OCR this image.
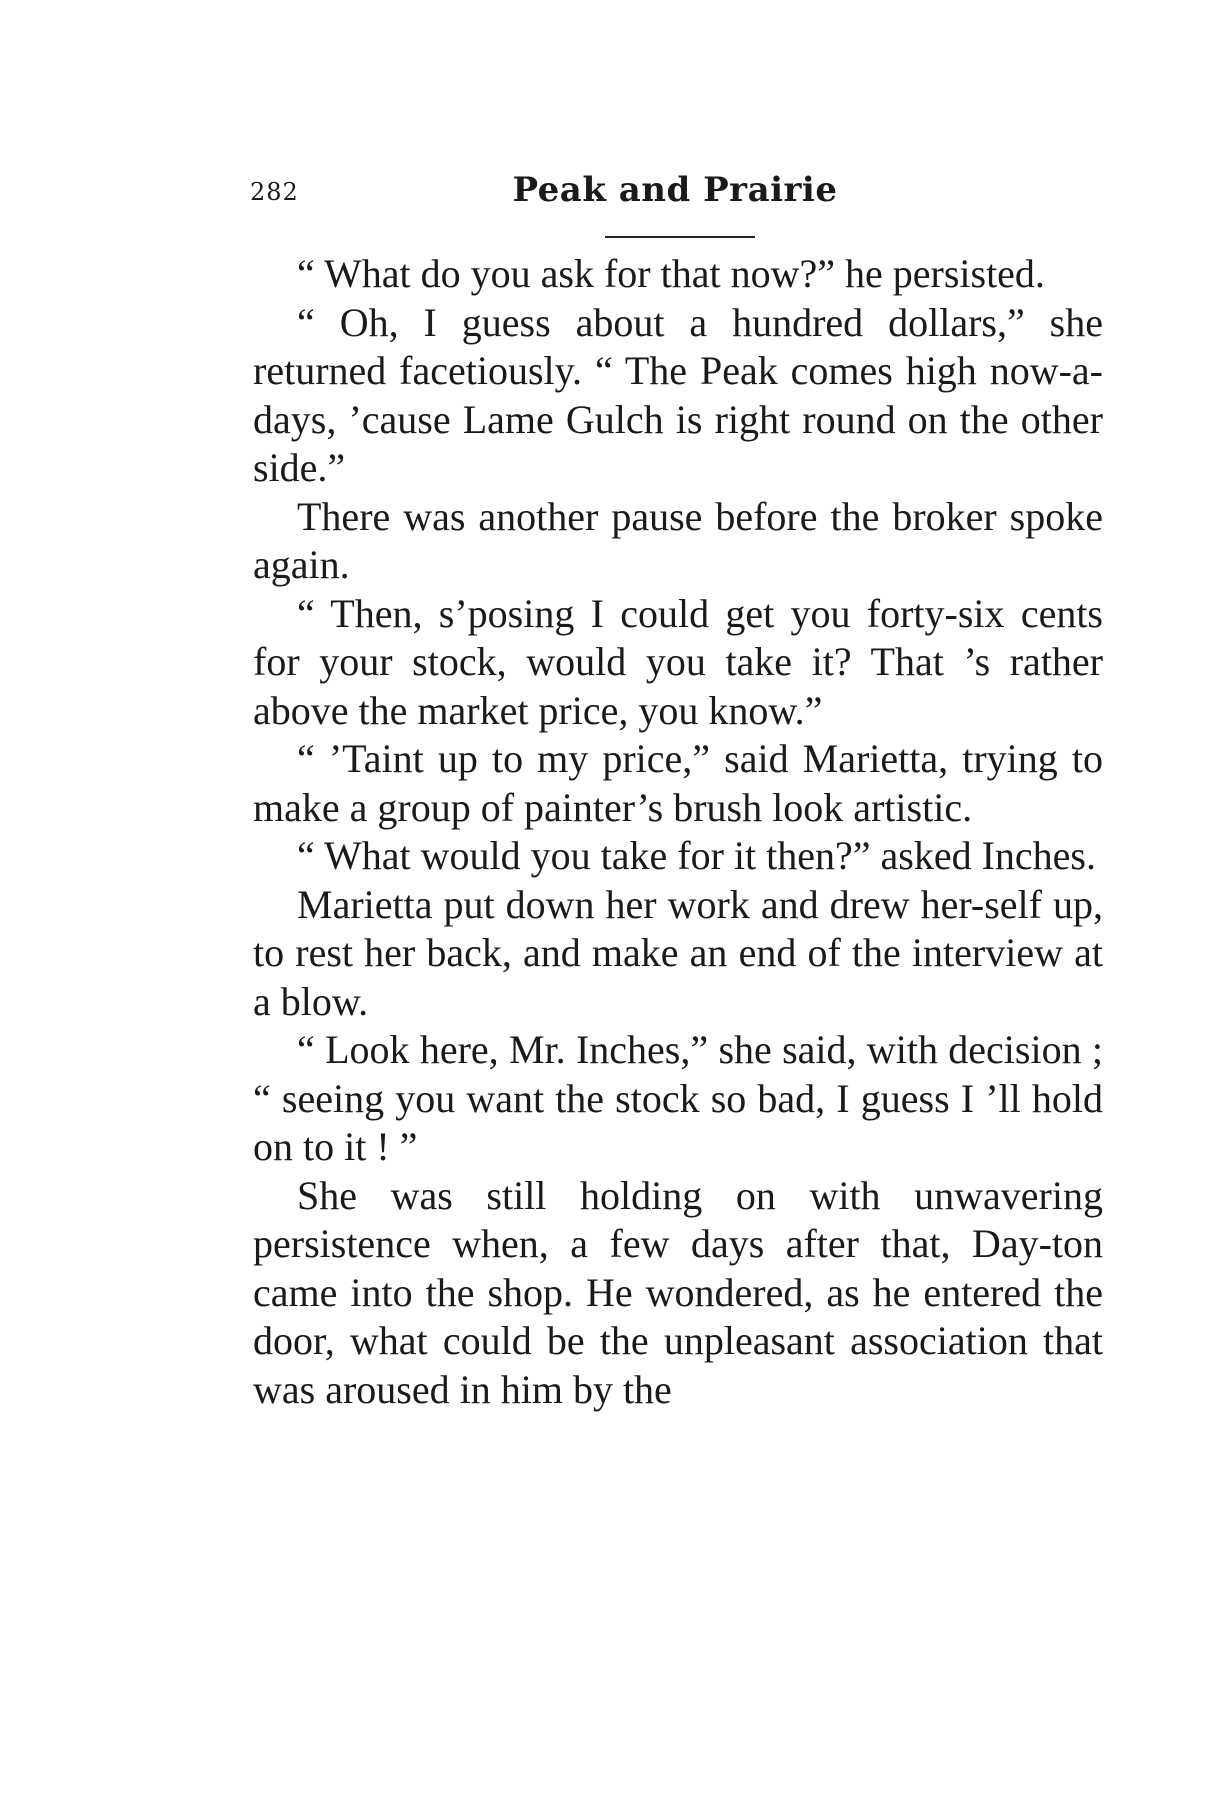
282	Peak and Prairie

“ What do you ask for that now?” he persisted.

“ Oh, I guess about a hundred dollars,” she returned facetiously. “ The Peak comes high now-a-days, ’cause Lame Gulch is right round on the other side.”

There was another pause before the broker spoke again.

“ Then, s’posing I could get you forty-six cents for your stock, would you take it? That ’s rather above the market price, you know.”

“ ’Taint up to my price,” said Marietta, trying to make a group of painter’s brush look artistic.

“ What would you take for it then?” asked Inches.

Marietta put down her work and drew her-self up, to rest her back, and make an end of the interview at a blow.

“ Look here, Mr. Inches,” she said, with decision ; “ seeing you want the stock so bad, I guess I ’ll hold on to it ! ”

She was still holding on with unwavering persistence when, a few days after that, Day-ton came into the shop. He wondered, as he entered the door, what could be the unpleasant association that was aroused in him by the
